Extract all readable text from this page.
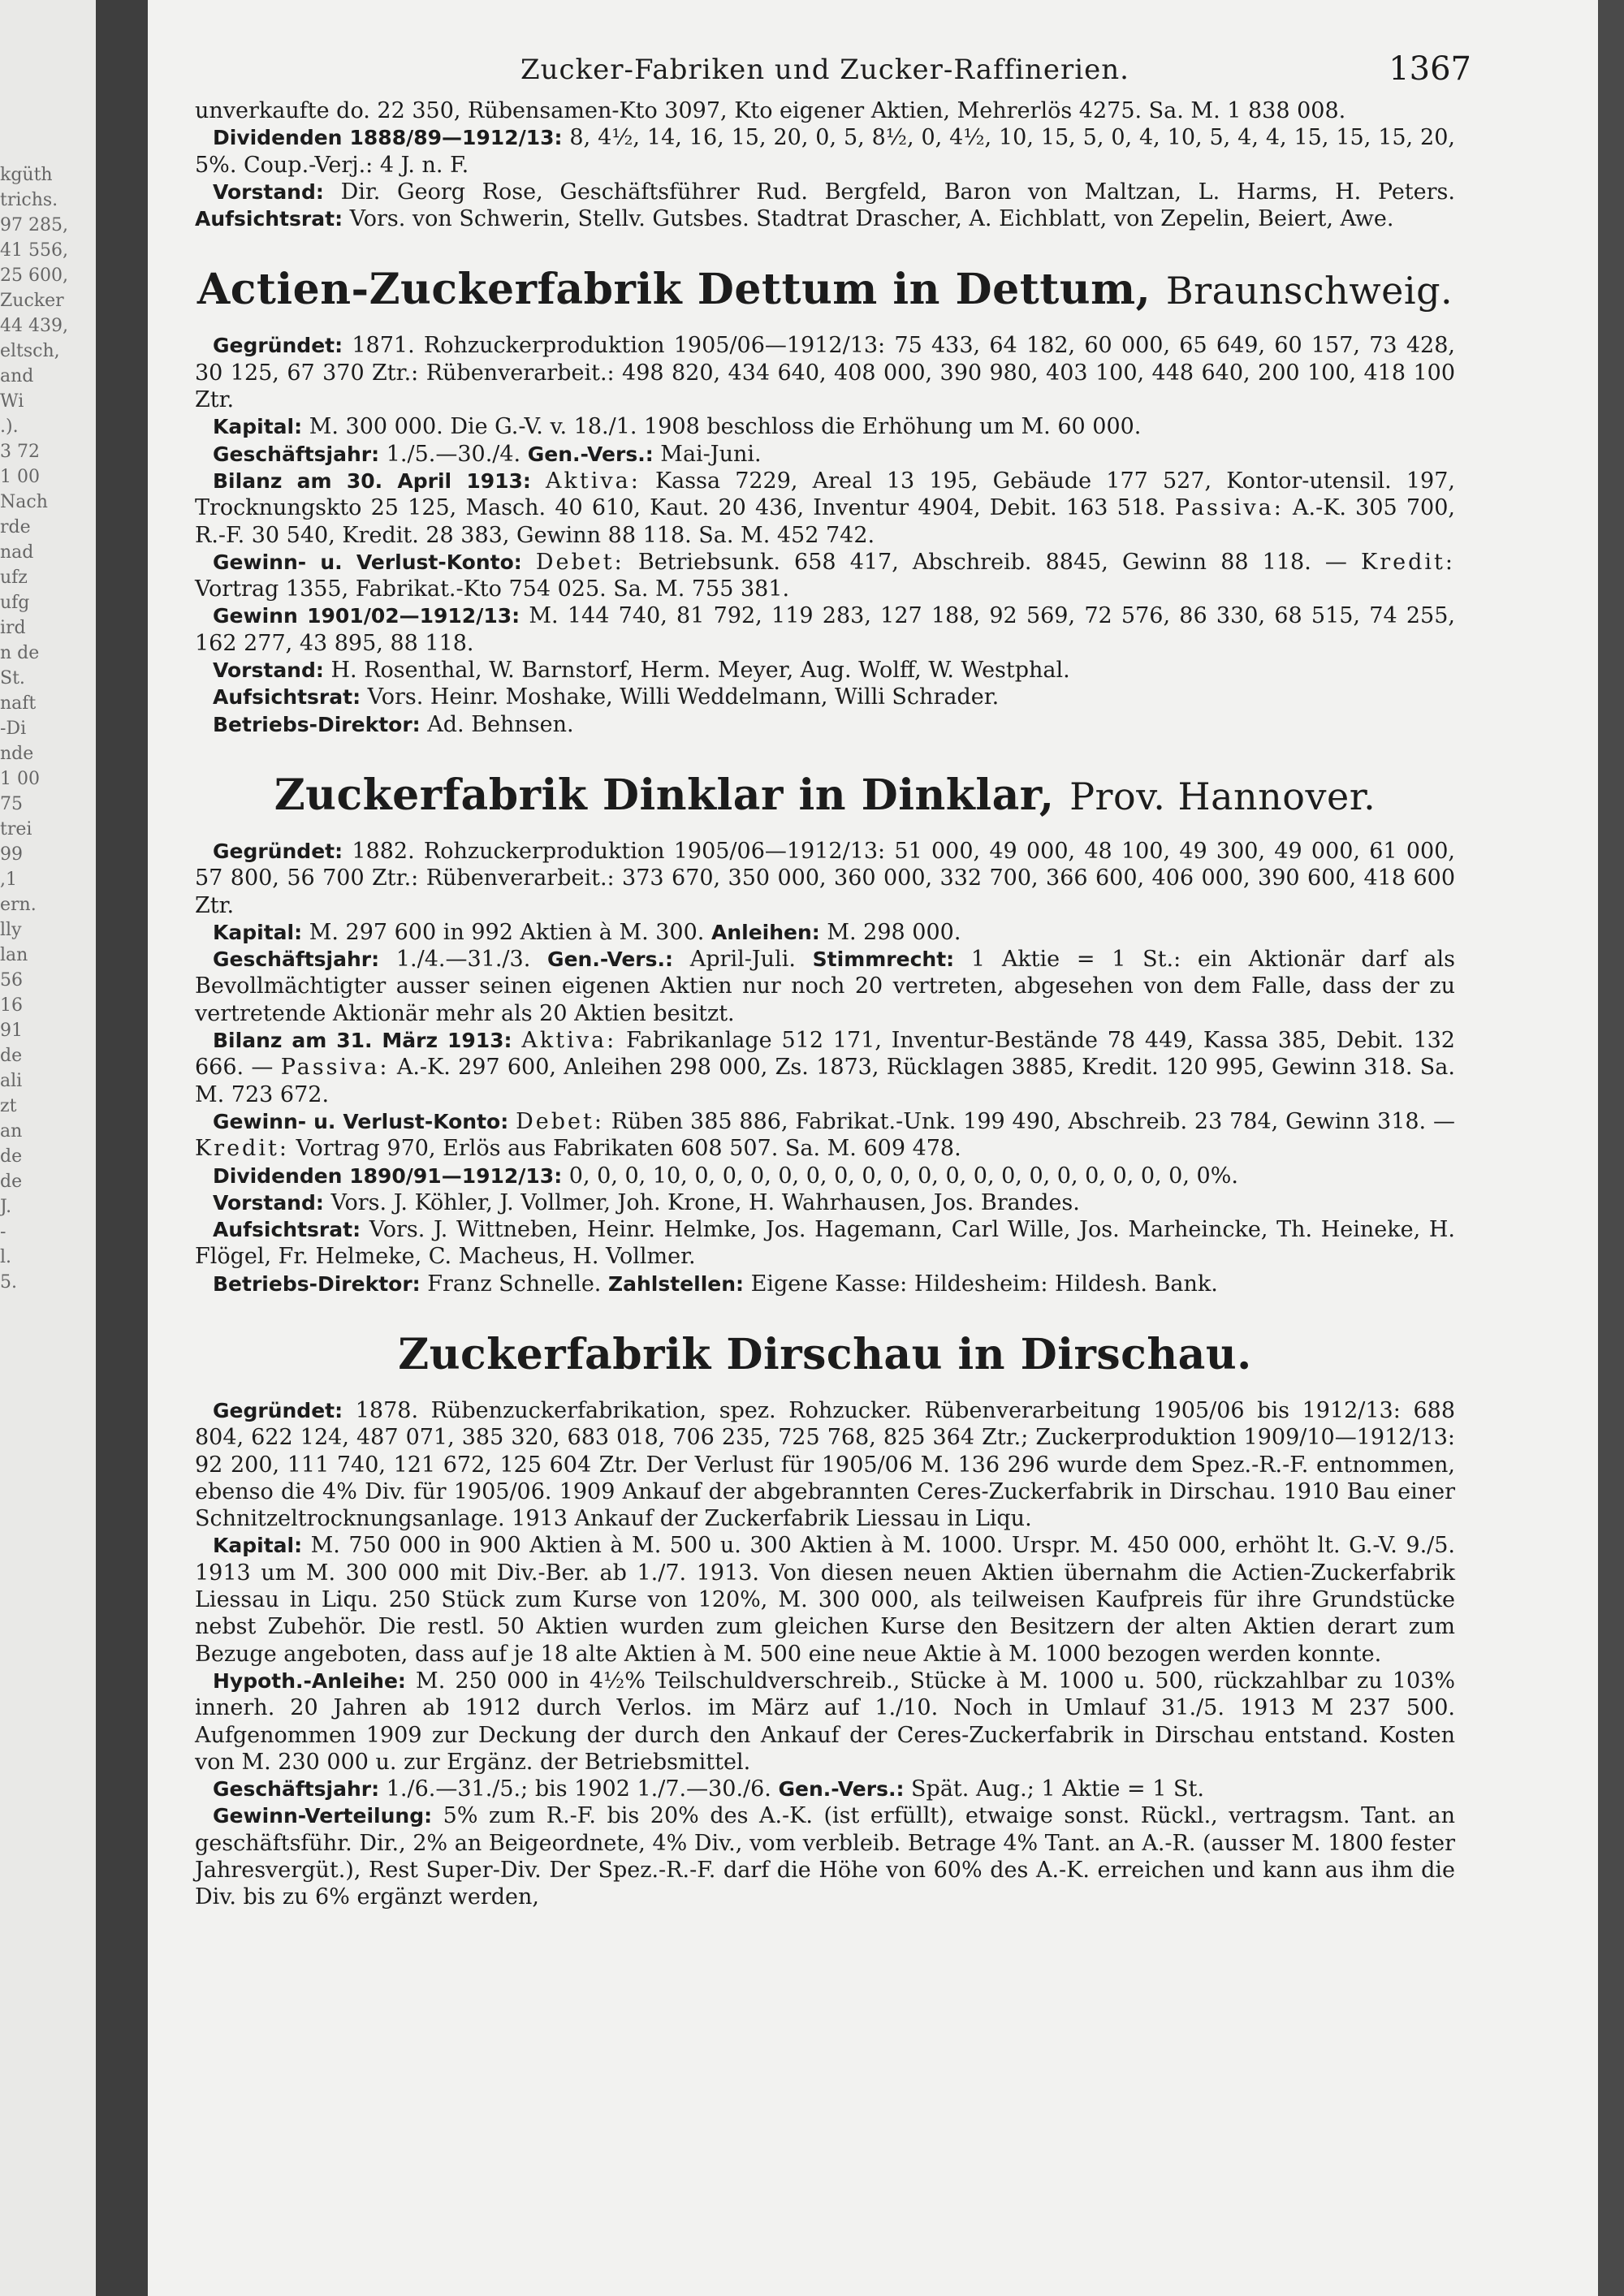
kgüth
trichs.
97 285,
41 556,
25 600,
Zucker
44 439,
eltsch,
and
Wi
.).
3 72
1 00
Nach
rde
nad
ufz
ufg
ird
n de
St.
naft
-Di
nde
1 00
75
trei
99
,1
ern.
lly
lan
56
16
91
de
ali
zt
an
de
de
J.
-
l.
5.
Zucker-Fabriken und Zucker-Raffinerien.	1367

unverkaufte do. 22 350, Rübensamen-Kto 3097, Kto eigener Aktien, Mehrerlös 4275. Sa. M. 1 838 008.

Dividenden 1888/89—1912/13: 8, 4½, 14, 16, 15, 20, 0, 5, 8½, 0, 4½, 10, 15, 5, 0, 4, 10, 5, 4, 4, 15, 15, 15, 20, 5%. Coup.-Verj.: 4 J. n. F.

Vorstand: Dir. Georg Rose, Geschäftsführer Rud. Bergfeld, Baron von Maltzan, L. Harms, H. Peters. Aufsichtsrat: Vors. von Schwerin, Stellv. Gutsbes. Stadtrat Drascher, A. Eichblatt, von Zepelin, Beiert, Awe.

Actien-Zuckerfabrik Dettum in Dettum, Braunschweig.

Gegründet: 1871. Rohzuckerproduktion 1905/06—1912/13: 75 433, 64 182, 60 000, 65 649, 60 157, 73 428, 30 125, 67 370 Ztr.: Rübenverarbeit.: 498 820, 434 640, 408 000, 390 980, 403 100, 448 640, 200 100, 418 100 Ztr.

Kapital: M. 300 000. Die G.-V. v. 18./1. 1908 beschloss die Erhöhung um M. 60 000.

Geschäftsjahr: 1./5.—30./4. Gen.-Vers.: Mai-Juni.

Bilanz am 30. April 1913: Aktiva: Kassa 7229, Areal 13 195, Gebäude 177 527, Kontor-utensil. 197, Trocknungskto 25 125, Masch. 40 610, Kaut. 20 436, Inventur 4904, Debit. 163 518. Passiva: A.-K. 305 700, R.-F. 30 540, Kredit. 28 383, Gewinn 88 118. Sa. M. 452 742.

Gewinn- u. Verlust-Konto: Debet: Betriebsunk. 658 417, Abschreib. 8845, Gewinn 88 118. — Kredit: Vortrag 1355, Fabrikat.-Kto 754 025. Sa. M. 755 381.

Gewinn 1901/02—1912/13: M. 144 740, 81 792, 119 283, 127 188, 92 569, 72 576, 86 330, 68 515, 74 255, 162 277, 43 895, 88 118.

Vorstand: H. Rosenthal, W. Barnstorf, Herm. Meyer, Aug. Wolff, W. Westphal.

Aufsichtsrat: Vors. Heinr. Moshake, Willi Weddelmann, Willi Schrader.

Betriebs-Direktor: Ad. Behnsen.

Zuckerfabrik Dinklar in Dinklar, Prov. Hannover.

Gegründet: 1882. Rohzuckerproduktion 1905/06—1912/13: 51 000, 49 000, 48 100, 49 300, 49 000, 61 000, 57 800, 56 700 Ztr.: Rübenverarbeit.: 373 670, 350 000, 360 000, 332 700, 366 600, 406 000, 390 600, 418 600 Ztr.

Kapital: M. 297 600 in 992 Aktien à M. 300. Anleihen: M. 298 000.

Geschäftsjahr: 1./4.—31./3. Gen.-Vers.: April-Juli. Stimmrecht: 1 Aktie = 1 St.: ein Aktionär darf als Bevollmächtigter ausser seinen eigenen Aktien nur noch 20 vertreten, abgesehen von dem Falle, dass der zu vertretende Aktionär mehr als 20 Aktien besitzt.

Bilanz am 31. März 1913: Aktiva: Fabrikanlage 512 171, Inventur-Bestände 78 449, Kassa 385, Debit. 132 666. — Passiva: A.-K. 297 600, Anleihen 298 000, Zs. 1873, Rücklagen 3885, Kredit. 120 995, Gewinn 318. Sa. M. 723 672.

Gewinn- u. Verlust-Konto: Debet: Rüben 385 886, Fabrikat.-Unk. 199 490, Abschreib. 23 784, Gewinn 318. — Kredit: Vortrag 970, Erlös aus Fabrikaten 608 507. Sa. M. 609 478.

Dividenden 1890/91—1912/13: 0, 0, 0, 10, 0, 0, 0, 0, 0, 0, 0, 0, 0, 0, 0, 0, 0, 0, 0, 0, 0, 0, 0%.

Vorstand: Vors. J. Köhler, J. Vollmer, Joh. Krone, H. Wahrhausen, Jos. Brandes.

Aufsichtsrat: Vors. J. Wittneben, Heinr. Helmke, Jos. Hagemann, Carl Wille, Jos. Marheincke, Th. Heineke, H. Flögel, Fr. Helmeke, C. Macheus, H. Vollmer.

Betriebs-Direktor: Franz Schnelle. Zahlstellen: Eigene Kasse: Hildesheim: Hildesh. Bank.

Zuckerfabrik Dirschau in Dirschau.

Gegründet: 1878. Rübenzuckerfabrikation, spez. Rohzucker. Rübenverarbeitung 1905/06 bis 1912/13: 688 804, 622 124, 487 071, 385 320, 683 018, 706 235, 725 768, 825 364 Ztr.; Zuckerproduktion 1909/10—1912/13: 92 200, 111 740, 121 672, 125 604 Ztr. Der Verlust für 1905/06 M. 136 296 wurde dem Spez.-R.-F. entnommen, ebenso die 4% Div. für 1905/06. 1909 Ankauf der abgebrannten Ceres-Zuckerfabrik in Dirschau. 1910 Bau einer Schnitzeltrocknungsanlage. 1913 Ankauf der Zuckerfabrik Liessau in Liqu.

Kapital: M. 750 000 in 900 Aktien à M. 500 u. 300 Aktien à M. 1000. Urspr. M. 450 000, erhöht lt. G.-V. 9./5. 1913 um M. 300 000 mit Div.-Ber. ab 1./7. 1913. Von diesen neuen Aktien übernahm die Actien-Zuckerfabrik Liessau in Liqu. 250 Stück zum Kurse von 120%, M. 300 000, als teilweisen Kaufpreis für ihre Grundstücke nebst Zubehör. Die restl. 50 Aktien wurden zum gleichen Kurse den Besitzern der alten Aktien derart zum Bezuge angeboten, dass auf je 18 alte Aktien à M. 500 eine neue Aktie à M. 1000 bezogen werden konnte.

Hypoth.-Anleihe: M. 250 000 in 4½% Teilschuldverschreib., Stücke à M. 1000 u. 500, rückzahlbar zu 103% innerh. 20 Jahren ab 1912 durch Verlos. im März auf 1./10. Noch in Umlauf 31./5. 1913 M 237 500. Aufgenommen 1909 zur Deckung der durch den Ankauf der Ceres-Zuckerfabrik in Dirschau entstand. Kosten von M. 230 000 u. zur Ergänz. der Betriebsmittel.

Geschäftsjahr: 1./6.—31./5.; bis 1902 1./7.—30./6. Gen.-Vers.: Spät. Aug.; 1 Aktie = 1 St.

Gewinn-Verteilung: 5% zum R.-F. bis 20% des A.-K. (ist erfüllt), etwaige sonst. Rückl., vertragsm. Tant. an geschäftsführ. Dir., 2% an Beigeordnete, 4% Div., vom verbleib. Betrage 4% Tant. an A.-R. (ausser M. 1800 fester Jahresvergüt.), Rest Super-Div. Der Spez.-R.-F. darf die Höhe von 60% des A.-K. erreichen und kann aus ihm die Div. bis zu 6% ergänzt werden,
